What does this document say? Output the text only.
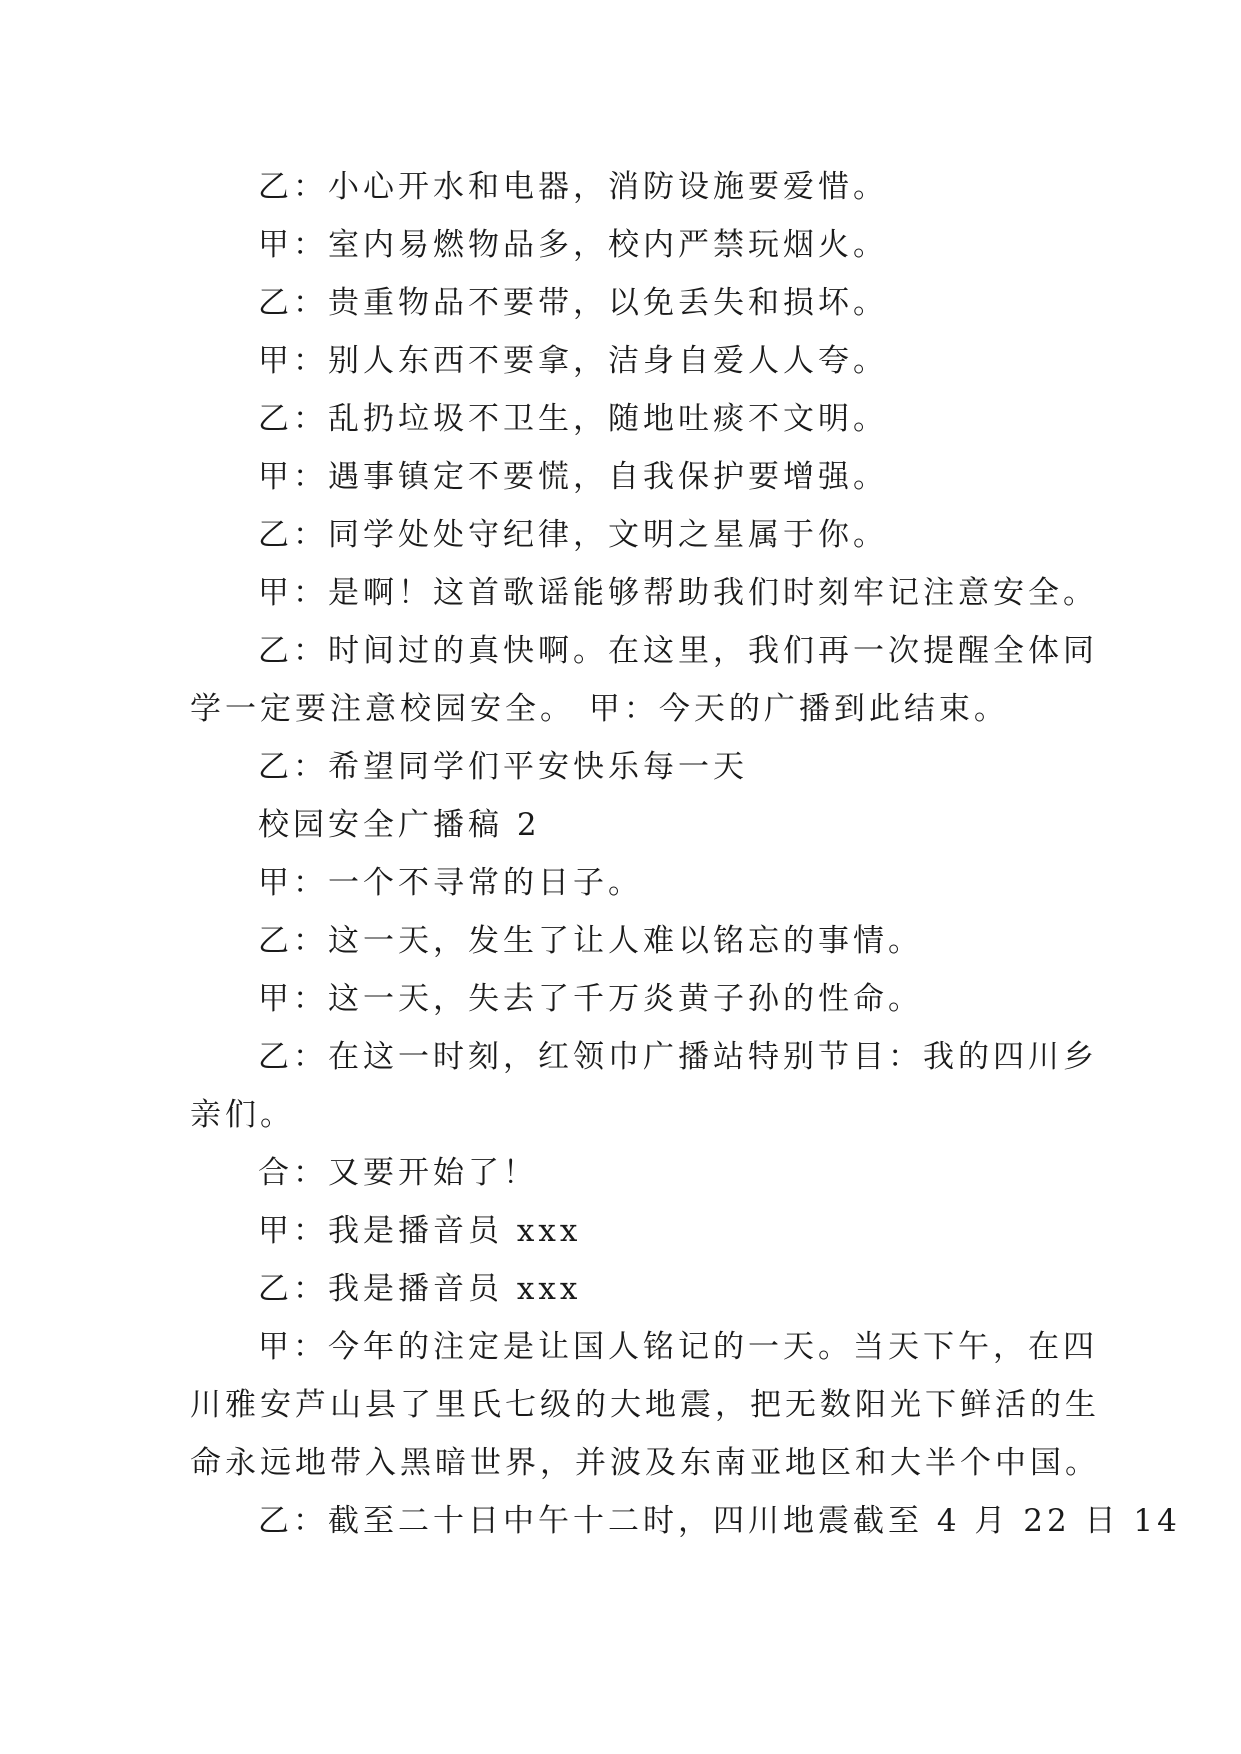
乙：小心开水和电器，消防设施要爱惜。
甲：室内易燃物品多，校内严禁玩烟火。
乙：贵重物品不要带，以免丢失和损坏。
甲：别人东西不要拿，洁身自爱人人夸。
乙：乱扔垃圾不卫生，随地吐痰不文明。
甲：遇事镇定不要慌，自我保护要增强。
乙：同学处处守纪律，文明之星属于你。
甲：是啊！这首歌谣能够帮助我们时刻牢记注意安全。
乙：时间过的真快啊。在这里，我们再一次提醒全体同
学一定要注意校园安全。 甲：今天的广播到此结束。
乙：希望同学们平安快乐每一天
校园安全广播稿 2
甲：一个不寻常的日子。
乙：这一天，发生了让人难以铭忘的事情。
甲：这一天，失去了千万炎黄子孙的性命。
乙：在这一时刻，红领巾广播站特别节目：我的四川乡
亲们。
合：又要开始了！
甲：我是播音员 xxx
乙：我是播音员 xxx
甲：今年的注定是让国人铭记的一天。当天下午，在四
川雅安芦山县了里氏七级的大地震，把无数阳光下鲜活的生
命永远地带入黑暗世界，并波及东南亚地区和大半个中国。
乙：截至二十日中午十二时，四川地震截至 4 月 22 日 14
